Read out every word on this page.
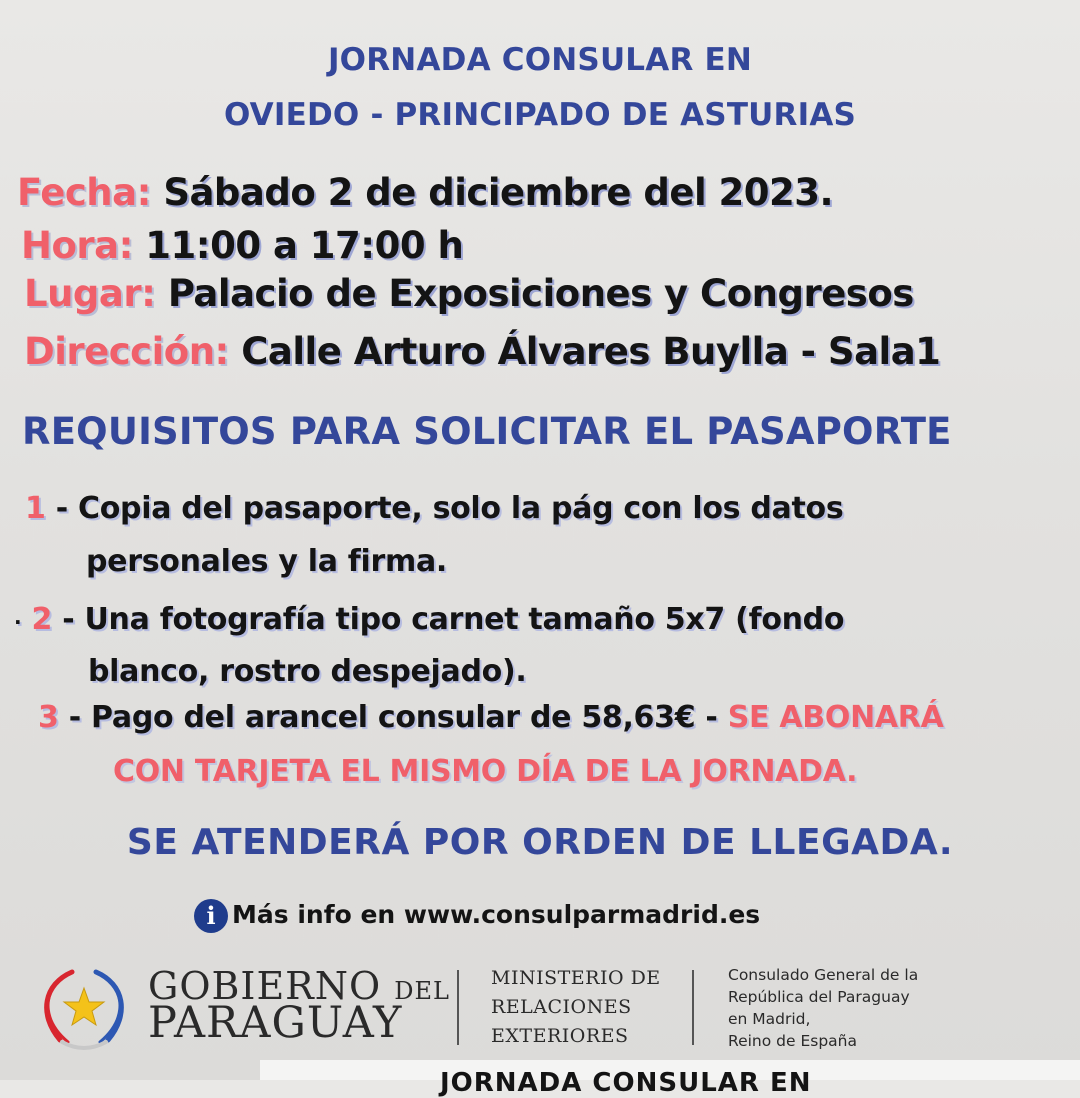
JORNADA CONSULAR EN
OVIEDO - PRINCIPADO DE ASTURIAS
Fecha: Sábado 2 de diciembre del 2023.
Hora: 11:00 a 17:00 h
Lugar: Palacio de Exposiciones y Congresos
Dirección: Calle Arturo Álvares Buylla - Sala1
REQUISITOS PARA SOLICITAR EL PASAPORTE
1 - Copia del pasaporte, solo la pág con los datos
personales y la firma.
· 2 - Una fotografía tipo carnet tamaño 5x7 (fondo
blanco, rostro despejado).
3 - Pago del arancel consular de 58,63€ - SE ABONARÁ
CON TARJETA EL MISMO DÍA DE LA JORNADA.
SE ATENDERÁ POR ORDEN DE LLEGADA.
i Más info en www.consulparmadrid.es
GOBIERNO DEL
PARAGUAY
MINISTERIO DE
RELACIONES
EXTERIORES
Consulado General de la
República del Paraguay
en Madrid,
Reino de España
JORNADA CONSULAR EN
